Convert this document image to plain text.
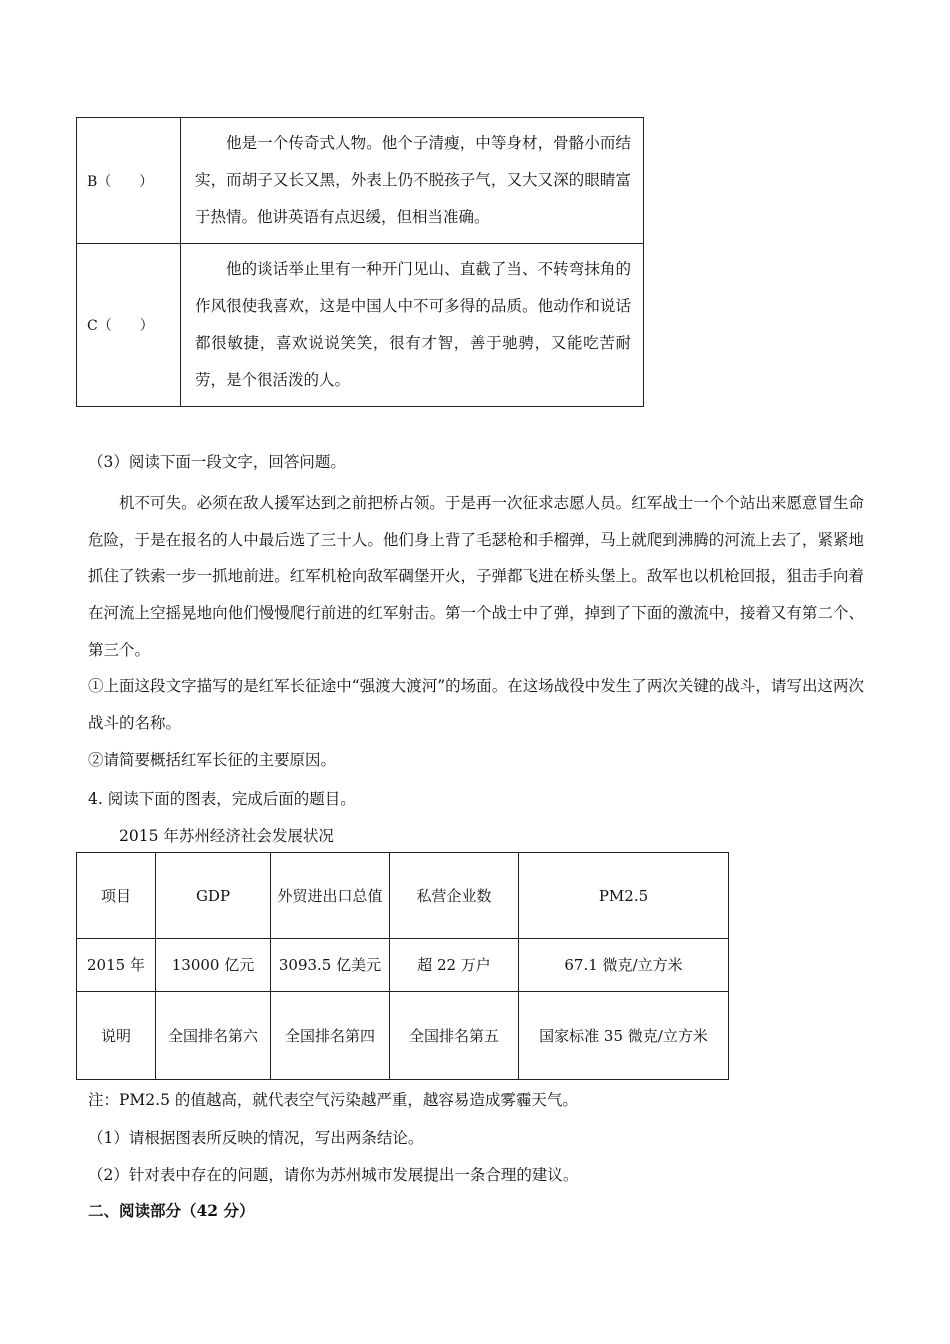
B（　　）	他是一个传奇式人物。他个子清瘦，中等身材，骨骼小而结实，而胡子又长又黑，外表上仍不脱孩子气，又大又深的眼睛富于热情。他讲英语有点迟缓，但相当准确。
C（　　）	他的谈话举止里有一种开门见山、直截了当、不转弯抹角的作风很使我喜欢，这是中国人中不可多得的品质。他动作和说话都很敏捷，喜欢说说笑笑，很有才智，善于驰骋，又能吃苦耐劳，是个很活泼的人。
（3）阅读下面一段文字，回答问题。
机不可失。必须在敌人援军达到之前把桥占领。于是再一次征求志愿人员。红军战士一个个站出来愿意冒生命危险，于是在报名的人中最后选了三十人。他们身上背了毛瑟枪和手榴弹，马上就爬到沸腾的河流上去了，紧紧地抓住了铁索一步一抓地前进。红军机枪向敌军碉堡开火，子弹都飞进在桥头堡上。敌军也以机枪回报，狙击手向着在河流上空摇晃地向他们慢慢爬行前进的红军射击。第一个战士中了弹，掉到了下面的激流中，接着又有第二个、第三个。
①上面这段文字描写的是红军长征途中“强渡大渡河”的场面。在这场战役中发生了两次关键的战斗，请写出这两次战斗的名称。
②请简要概括红军长征的主要原因。
4. 阅读下面的图表，完成后面的题目。
2015 年苏州经济社会发展状况
项目	GDP	外贸进出口总值	私营企业数	PM2.5
2015 年	13000 亿元	3093.5 亿美元	超 22 万户	67.1 微克/立方米
说明	全国排名第六	全国排名第四	全国排名第五	国家标准 35 微克/立方米
注：PM2.5 的值越高，就代表空气污染越严重，越容易造成雾霾天气。
（1）请根据图表所反映的情况，写出两条结论。
（2）针对表中存在的问题，请你为苏州城市发展提出一条合理的建议。
二、阅读部分（42 分）
